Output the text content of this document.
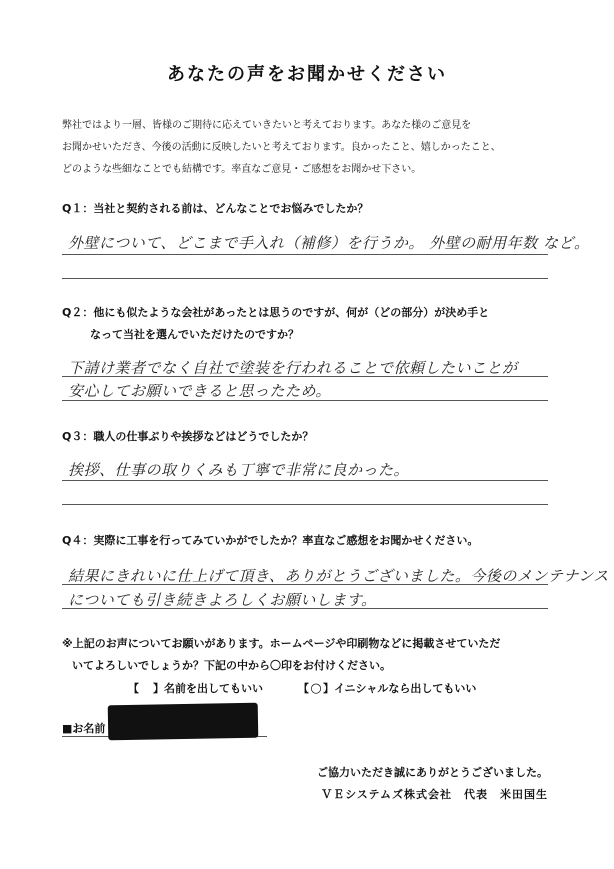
あなたの声をお聞かせください
弊社ではより一層、皆様のご期待に応えていきたいと考えております。あなた様のご意見を
お聞かせいただき、今後の活動に反映したいと考えております。良かったこと、嬉しかったこと、
どのような些細なことでも結構です。率直なご意見・ご感想をお聞かせ下さい。
Q１：当社と契約される前は、どんなことでお悩みでしたか？
外壁について、どこまで手入れ（補修）を行うか。 外壁の耐用年数 など。
Q２：他にも似たような会社があったとは思うのですが、何が（どの部分）が決め手と
なって当社を選んでいただけたのですか？
下請け業者でなく自社で塗装を行われることで依頼したいことが
安心してお願いできると思ったため。
Q３：職人の仕事ぶりや挨拶などはどうでしたか？
挨拶、仕事の取りくみも丁寧で非常に良かった。
Q４：実際に工事を行ってみていかがでしたか？率直なご感想をお聞かせください。
結果にきれいに仕上げて頂き、ありがとうございました。今後のメンテナンス
についても引き続きよろしくお願いします。
※上記のお声についてお願いがあります。ホームページや印刷物などに掲載させていただ
いてよろしいでしょうか？下記の中から〇印をお付けください。
【 】名前を出してもいい	【○】イニシャルなら出してもいい
■お名前
ご協力いただき誠にありがとうございました。
ＶＥシステムズ株式会社　代表　米田国生
